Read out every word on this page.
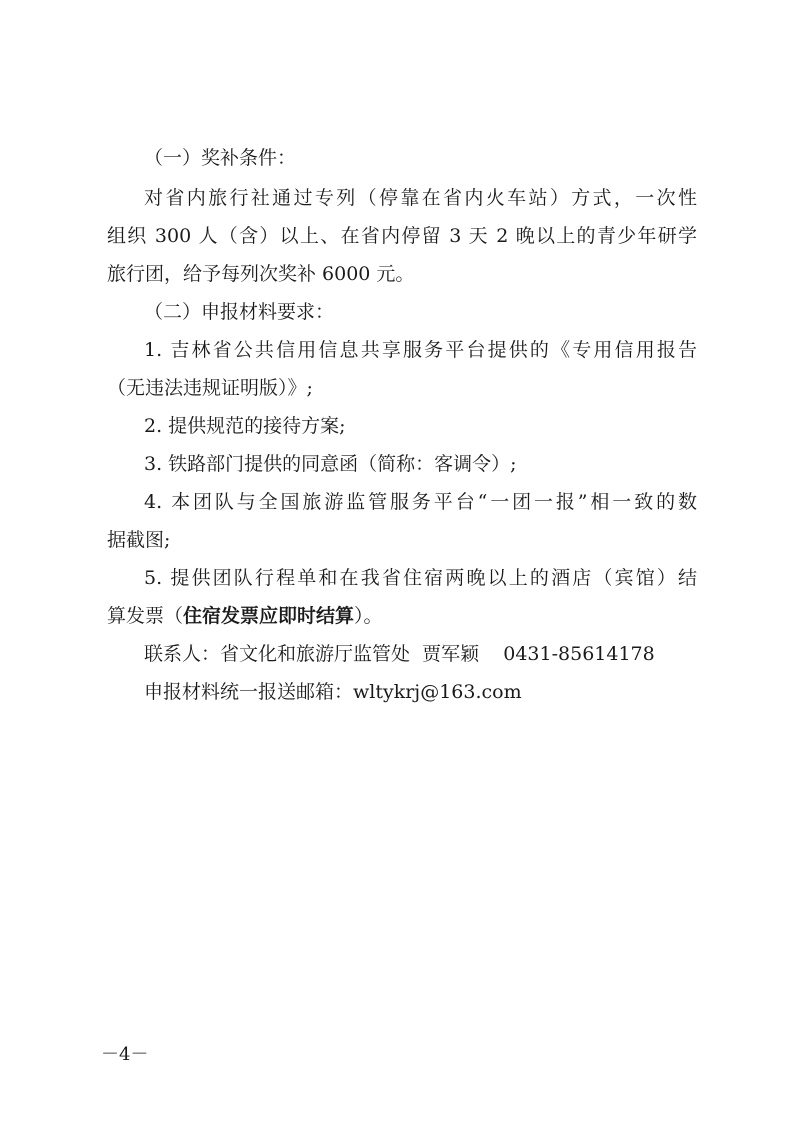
（一）奖补条件：
对省内旅行社通过专列（停靠在省内火车站）方式，一次性
组织 300 人（含）以上、在省内停留 3 天 2 晚以上的青少年研学
旅行团，给予每列次奖补 6000 元。
（二）申报材料要求：
1. 吉林省公共信用信息共享服务平台提供的《专用信用报告
（无违法违规证明版）》;
2. 提供规范的接待方案;
3. 铁路部门提供的同意函（简称：客调令）;
4. 本团队与全国旅游监管服务平台“一团一报”相一致的数
据截图;
5. 提供团队行程单和在我省住宿两晚以上的酒店（宾馆）结
算发票（住宿发票应即时结算）。
联系人：省文化和旅游厅监管处  贾军颖    0431-85614178
申报材料统一报送邮箱：wltykrj@163.com
－4－
